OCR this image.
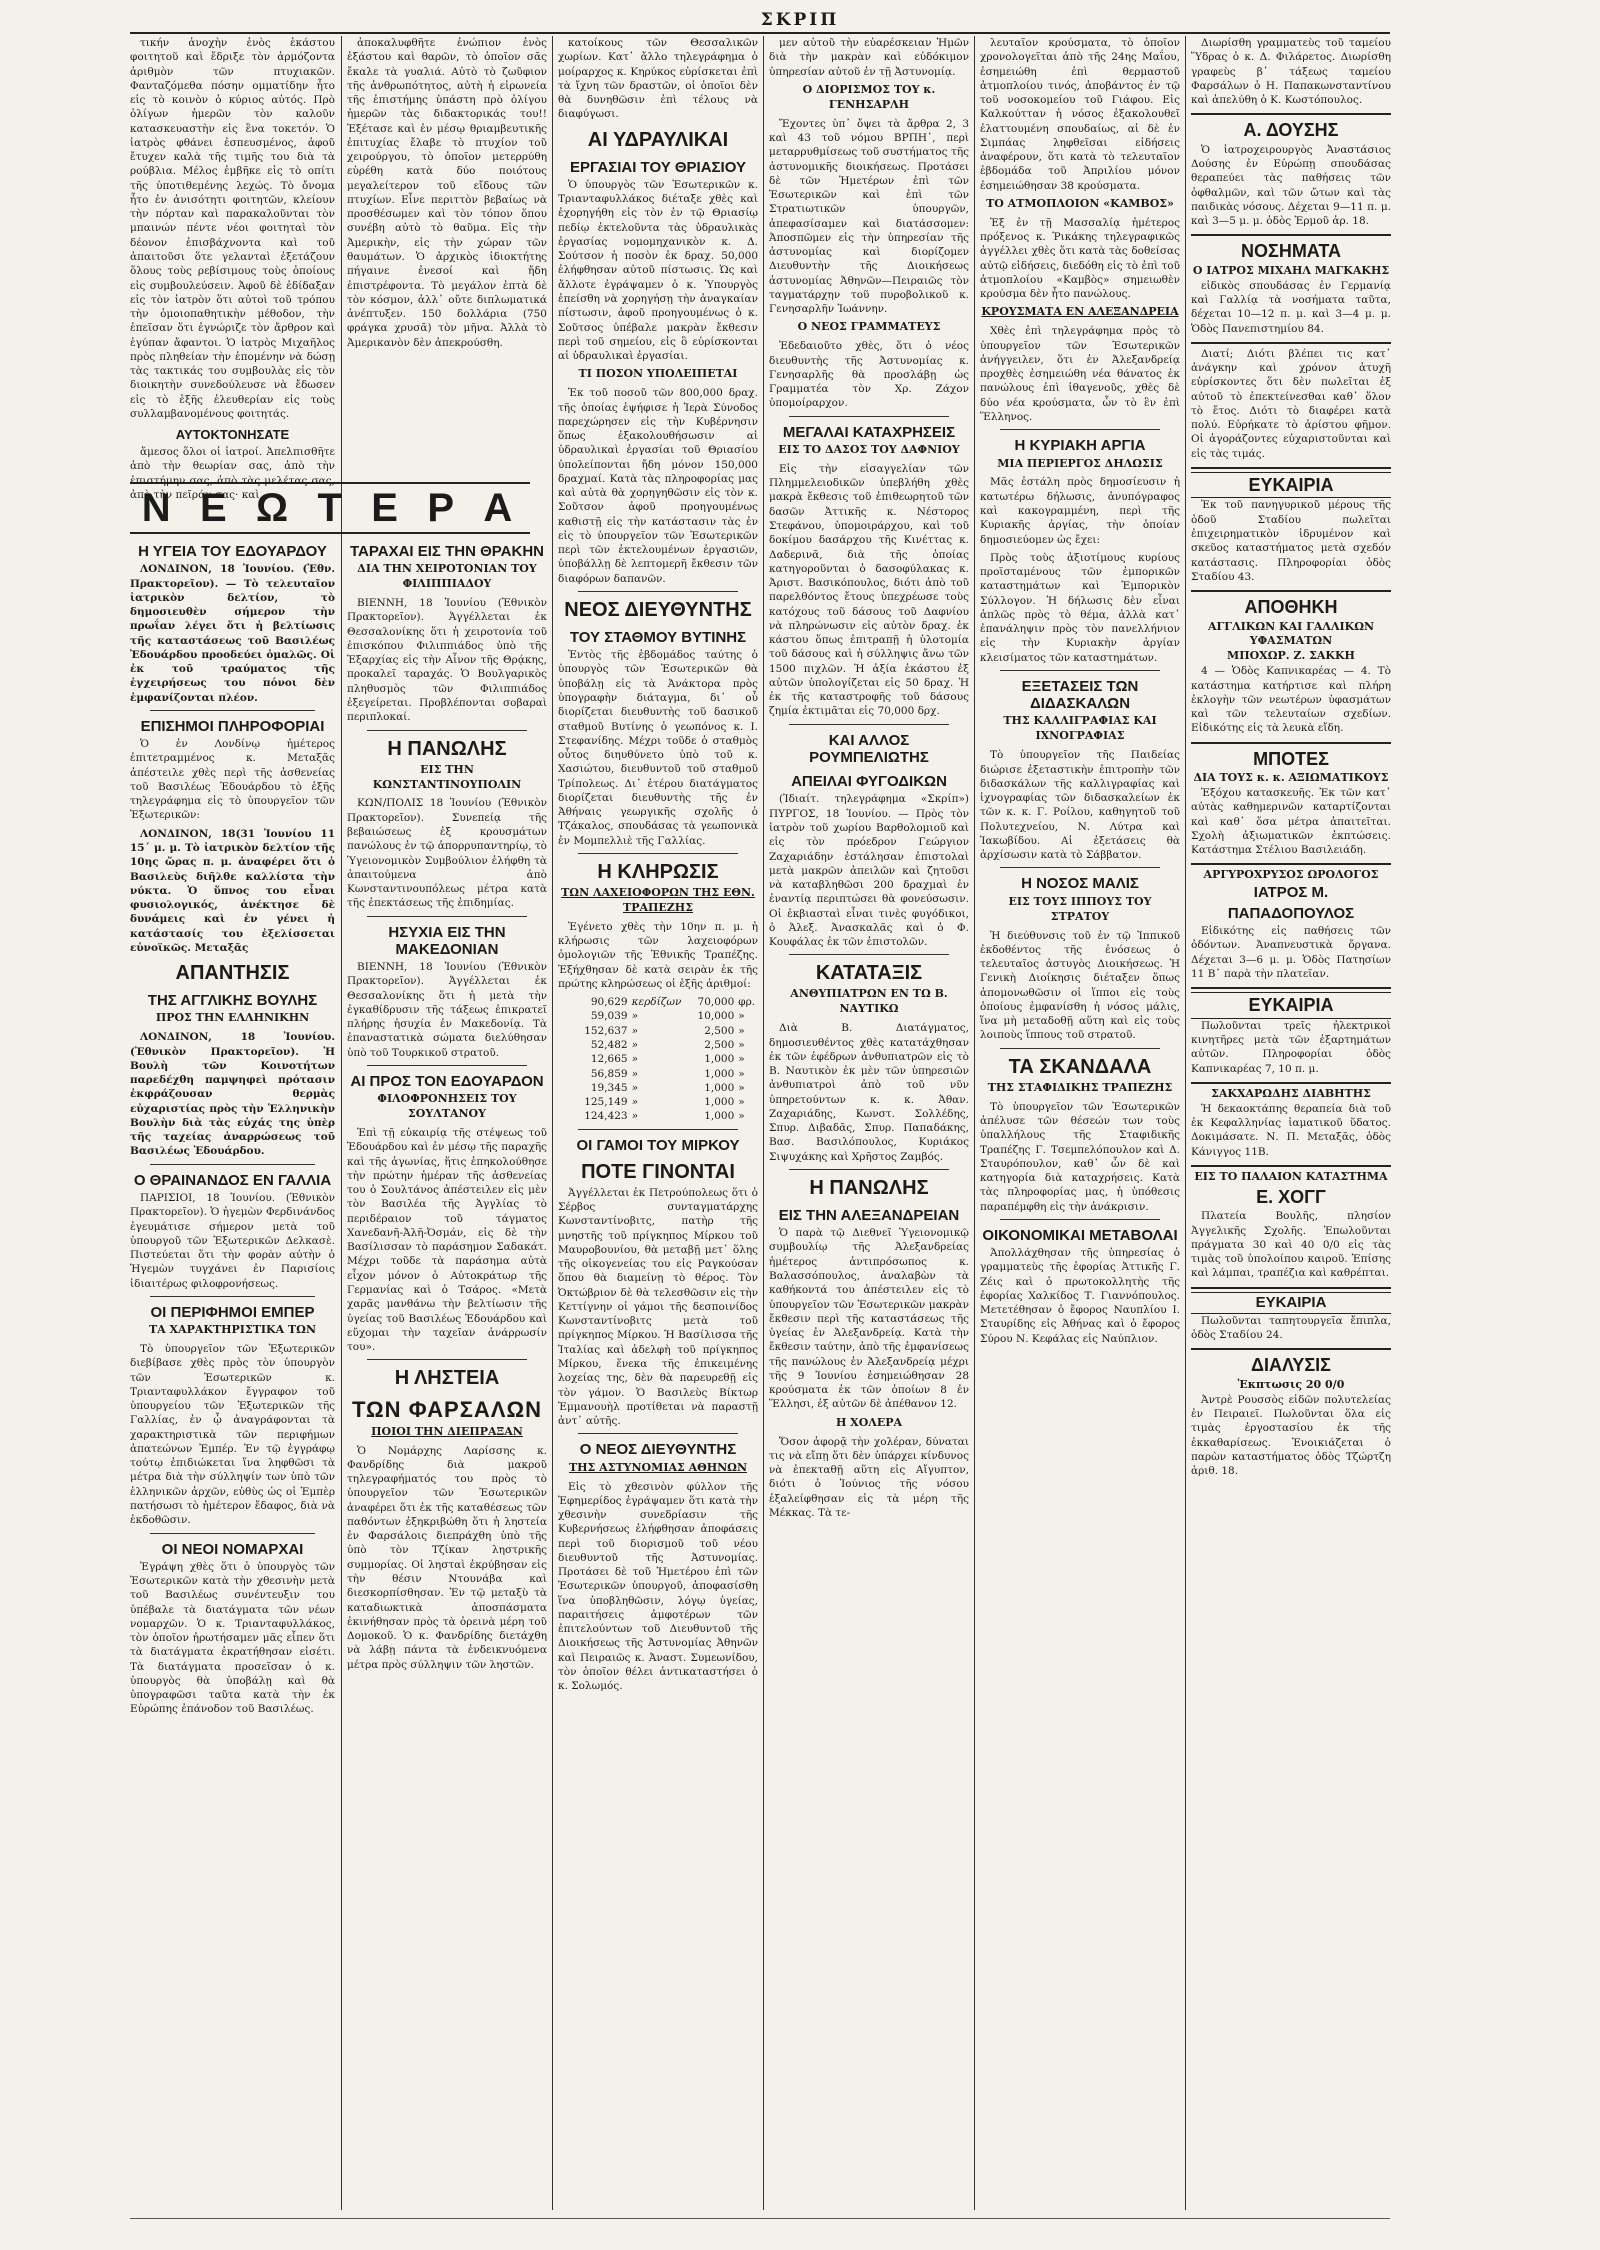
ΣΚΡΙΠ
Ν Ε Ω Τ Ε Ρ Α

τικήν ἀνοχὴν ἑνὸς ἑκάστου φοιτητοῦ καὶ ἔδριξε τὸν ἀρμόζοντα ἀριθμὸν τῶν πτυχιακῶν. Φανταζόμεθα πόσην ομματίδην ἦτο εἰς τὸ κοινὸν ὁ κύριος αὐτός. Πρὸ ὀλίγων ἡμερῶν τὸν καλοῦν κατασκευαστὴν εἰς ἓνα τοκετόν. Ὁ ἰατρὸς φθάνει ἐσπευσμένος, ἀφοῦ ἔτυχεν καλὰ τῆς τιμῆς του διὰ τὰ ρούβλια. Μέλος ἐμβῆκε εἰς τὸ οπίτι τῆς ὑποτιθεμένης λεχώς. Τὸ ὄνομα ἦτο ἐν ἀνισότητι φοιτητῶν, κλείουν τὴν πόρταν καὶ παρακαλοῦνται τὸν μπαινών πέντε νέοι φοιτηταὶ τὸν δέονον ἐπισβάχνοντα καὶ τοῦ ἀπαιτοῦσι ὅτε γελανταὶ ἐξετάζουν ὅλους τοὺς ρεβίσιμους τοὺς ὁποίους εἰς συμβουλεύσειν. Ἀφοῦ δὲ ἐδίδαξαν εἰς τὸν ἰατρὸν ὅτι αὐτοὶ τοῦ τρόπου τὴν ὁμοιοπαθητικὴν μέθοδον, τὴν ἐπεῖσαν ὅτι ἐγνώριζε τὸν ἄρθρον καὶ ἐγύπαν ἄφαντοι. Ὁ ἰατρὸς Μιχαῆλος πρὸς πληθείαν τὴν ἑπομένην νὰ δώσῃ τὰς τακτικάς του συμβουλὰς εἰς τὸν διοικητὴν συνεδούλευσε νὰ ἔδωσεν εἰς τὸ ἑξῆς ἐλευθερίαν εἰς τοὺς συλλαμβανομένους φοιτητάς.

ΑΥΤΟΚΤΟΝΗΣΑΤΕ

ἄμεσος ὅλοι οἱ ἰατροί. Ἀπελπισθῆτε ἀπὸ τὴν θεωρίαν σας, ἀπὸ τὴν ἐπιστήμην σας, ἀπὸ τὰς μελέτας σας, ἀπὸ τὴν πεῖράν σας· καὶ

Η ΥΓΕΙΑ ΤΟΥ ΕΔΟΥΑΡΔΟΥ

ΛΟΝΔΙΝΟΝ, 18 Ἰουνίου. (Ἐθν. Πρακτορεῖον). — Τὸ τελευταῖον ἰατρικὸν δελτίον, τὸ δημοσιευθὲν σήμερον τὴν πρωΐαν λέγει ὅτι ἡ βελτίωσις τῆς καταστάσεως τοῦ Βασιλέως Ἐδουάρδου προοδεύει ὁμαλῶς. Οἱ ἐκ τοῦ τραύματος τῆς ἐγχειρήσεως του πόνοι δὲν ἐμφανίζονται πλέον.

ΕΠΙΣΗΜΟΙ ΠΛΗΡΟΦΟΡΙΑΙ

Ὁ ἐν Λονδίνῳ ἡμέτερος ἐπιτετραμμένος κ. Μεταξᾶς ἀπέστειλε χθὲς περὶ τῆς ἀσθενείας τοῦ Βασιλέως Ἐδουάρδου τὸ ἑξῆς τηλεγράφημα εἰς τὸ ὑπουργεῖον τῶν Ἐξωτερικῶν:

ΛΟΝΔΙΝΟΝ, 18(31 Ἰουνίου 11 15΄ μ. μ. Τὸ ἰατρικὸν δελτίον τῆς 10ης ὥρας π. μ. ἀναφέρει ὅτι ὁ Βασιλεὺς διῆλθε καλλίστα τὴν νύκτα. Ὁ ὕπνος του εἶναι φυσιολογικός, ἀνέκτησε δὲ δυνάμεις καὶ ἐν γένει ἡ κατάστασίς του ἐξελίσσεται εὐνοϊκῶς. Μεταξᾶς

ΑΠΑΝΤΗΣΙΣ
ΤΗΣ ΑΓΓΛΙΚΗΣ ΒΟΥΛΗΣ
ΠΡΟΣ ΤΗΝ ΕΛΛΗΝΙΚΗΝ

ΛΟΝΔΙΝΟΝ, 18 Ἰουνίου. (Ἐθνικὸν Πρακτορεῖον). Ἡ Βουλὴ τῶν Κοινοτήτων παρεδέχθη παμψηφεὶ πρότασιν ἐκφράζουσαν θερμὰς εὐχαριστίας πρὸς τὴν Ἑλληνικὴν Βουλὴν διὰ τὰς εὐχάς της ὑπὲρ τῆς ταχείας ἀναρρώσεως τοῦ Βασιλέως Ἐδουάρδου.

Ο ΘΡΑΙΝΑΝΔΟΣ ΕΝ ΓΑΛΛΙΑ

ΠΑΡΙΣΙΟΙ, 18 Ἰουνίου. (Ἐθνικὸν Πρακτορεῖον). Ὁ ἡγεμὼν Φερδινάνδος ἐγευμάτισε σήμερον μετὰ τοῦ ὑπουργοῦ τῶν Ἐξωτερικῶν Δελκασὲ. Πιστεύεται ὅτι τὴν φορὰν αὐτὴν ὁ Ἡγεμὼν τυγχάνει ἐν Παρισίοις ἰδιαιτέρως φιλοφρονήσεως.

ΟΙ ΠΕΡΙΦΗΜΟΙ ΕΜΠΕΡ
ΤΑ ΧΑΡΑΚΤΗΡΙΣΤΙΚΑ ΤΩΝ

Τὸ ὑπουργεῖον τῶν Ἐξωτερικῶν διεβίβασε χθὲς πρὸς τὸν ὑπουργὸν τῶν Ἐσωτερικῶν κ. Τριανταφυλλάκον ἔγγραφον τοῦ ὑπουργείου τῶν Ἐξωτερικῶν τῆς Γαλλίας, ἐν ᾧ ἀναγράφονται τὰ χαρακτηριστικὰ τῶν περιφήμων ἀπατεώνων Ἐμπέρ. Ἐν τῷ ἐγγράφῳ τούτῳ ἐπιδιώκεται ἵνα ληφθῶσι τὰ μέτρα διὰ τὴν σύλληψίν των ὑπὸ τῶν ἑλληνικῶν ἀρχῶν, εὐθὺς ὡς οἱ Ἐμπὲρ πατήσωσι τὸ ἡμέτερον ἔδαφος, διὰ νὰ ἐκδοθῶσιν.

ΟΙ ΝΕΟΙ ΝΟΜΑΡΧΑΙ

Ἐγράψη χθὲς ὅτι ὁ ὑπουργὸς τῶν Ἐσωτερικῶν κατὰ τὴν χθεσινὴν μετὰ τοῦ Βασιλέως συνέντευξιν του ὑπέβαλε τὰ διατάγματα τῶν νέων νομαρχῶν. Ὁ κ. Τριανταφυλλάκος, τὸν ὁποῖον ἠρωτήσαμεν μᾶς εἶπεν ὅτι τὰ διατάγματα ἐκρατήθησαν εἰσέτι. Τὰ διατάγματα προσεῖσαν ὁ κ. ὑπουργὸς θὰ ὑποβάλῃ καὶ θὰ ὑπογραφῶσι ταῦτα κατὰ τὴν ἐκ Εὐρώπης ἐπάνοδον τοῦ Βασιλέως.

ἀποκαλυφθῆτε ἐνώπιον ἑνὸς ἑξάστου καὶ θαρῶν, τὸ ὁποῖον σᾶς ἔκαλε τὰ γυαλιά. Αὐτὸ τὸ ζωῦφιον τῆς ἀνθρωπότητος, αὐτὴ ἡ εἰρωνεία τῆς ἐπιστήμης ὑπάστη πρὸ ὀλίγου ἡμερῶν τὰς διδακτορικάς του!! Ἐξέτασε καὶ ἐν μέσῳ θριαμβευτικῆς ἐπιτυχίας ἔλαβε τὸ πτυχίον τοῦ χειρούργου, τὸ ὁποῖον μετερρύθη εὑρέθη κατὰ δύο ποιότους μεγαλείτερον τοῦ εἴδους τῶν πτυχίων. Εἶνε περιττὸν βεβαίως νὰ προσθέσωμεν καὶ τὸν τόπον ὅπου συνέβη αὐτὸ τὸ θαῦμα. Εἰς τὴν Ἀμερικὴν, εἰς τὴν χώραν τῶν θαυμάτων. Ὁ ἀρχικὸς ἰδιοκτήτης πήγαινε ἐνεσοί καὶ ἤδη ἐπιστρέφοντα. Τὸ μεγάλον ἑπτὰ δὲ τὸν κόσμον, ἀλλ᾽ οὔτε διπλωματικά ἀνέπτυξεν. 150 δολλάρια (750 φράγκα χρυσᾶ) τὸν μῆνα. Ἀλλὰ τὸ Ἀμερικανὸν δὲν ἀπεκρούσθη.

ΤΑΡΑΧΑΙ ΕΙΣ ΤΗΝ ΘΡΑΚΗΝ
ΔΙΑ ΤΗΝ ΧΕΙΡΟΤΟΝΙΑΝ ΤΟΥ ΦΙΛΙΠΠΙΑΔΟΥ

ΒΙΕΝΝΗ, 18 Ἰουνίου (Ἐθνικὸν Πρακτορεῖον). Ἀγγέλλεται ἐκ Θεσσαλονίκης ὅτι ἡ χειροτονία τοῦ ἐπισκόπου Φιλιππιάδος ὑπὸ τῆς Ἐξαρχίας εἰς τὴν Αἶνον τῆς Θρᾴκης, προκαλεῖ ταραχάς. Ὁ Βουλγαρικὸς πληθυσμὸς τῶν Φιλιππιάδος ἐξεγείρεται. Προβλέπονται σοβαραὶ περιπλοκαί.

Η ΠΑΝΩΛΗΣ
ΕΙΣ ΤΗΝ ΚΩΝΣΤΑΝΤΙΝΟΥΠΟΛΙΝ

ΚΩΝ/ΠΟΛΙΣ 18 Ἰουνίου (Ἐθνικὸν Πρακτορεῖον). Συνεπείᾳ τῆς βεβαιώσεως ἐξ κρουσμάτων πανώλους ἐν τῷ ἀπορρυπαντηρίῳ, τὸ Ὑγειονομικὸν Συμβούλιον ἐλήφθη τὰ ἀπαιτούμενα ἀπὸ Κωνσταντινουπόλεως μέτρα κατὰ τῆς ἐπεκτάσεως τῆς ἐπιδημίας.

ΗΣΥΧΙΑ ΕΙΣ ΤΗΝ ΜΑΚΕΔΟΝΙΑΝ

ΒΙΕΝΝΗ, 18 Ἰουνίου (Ἐθνικὸν Πρακτορεῖον). Ἀγγέλλεται ἐκ Θεσσαλονίκης ὅτι ἡ μετὰ τὴν ἐγκαθίδρυσιν τῆς τάξεως ἐπικρατεῖ πλήρης ἡσυχία ἐν Μακεδονίᾳ. Τὰ ἐπαναστατικὰ σώματα διελύθησαν ὑπὸ τοῦ Τουρκικοῦ στρατοῦ.

ΑΙ ΠΡΟΣ ΤΟΝ ΕΔΟΥΑΡΔΟΝ
ΦΙΛΟΦΡΟΝΗΣΕΙΣ ΤΟΥ ΣΟΥΛΤΑΝΟΥ

Ἐπὶ τῇ εὐκαιρίᾳ τῆς στέψεως τοῦ Ἐδουάρδου καὶ ἐν μέσῳ τῆς παραχῆς καὶ τῆς ἀγωνίας, ἥτις ἐπηκολούθησε τὴν πρώτην ἡμέραν τῆς ἀσθενείας του ὁ Σουλτάνος ἀπέστειλεν εἰς μὲν τὸν Βασιλέα τῆς Ἀγγλίας τὸ περιδέραιον τοῦ τάγματος Χανεδανῆ-Ἀλῆ-Ὀσμάν, εἰς δὲ τὴν Βασίλισσαν τὸ παράσημον Σαδακάτ. Μέχρι τοῦδε τὰ παράσημα αὐτὰ εἶχον μόνον ὁ Αὐτοκράτωρ τῆς Γερμανίας καὶ ὁ Τσάρος. «Μετὰ χαρᾶς μανθάνω τὴν βελτίωσιν τῆς ὑγείας τοῦ Βασιλέως Ἐδουάρδου καὶ εὔχομαι τὴν ταχεῖαν ἀνάρρωσίν του».

Η ΛΗΣΤΕΙΑ
ΤΩΝ ΦΑΡΣΑΛΩΝ
ΠΟΙΟΙ ΤΗΝ ΔΙΕΠΡΑΞΑΝ

Ὁ Νομάρχης Λαρίσσης κ. Φανδρίδης διὰ μακροῦ τηλεγραφήματός του πρὸς τὸ ὑπουργεῖον τῶν Ἐσωτερικῶν ἀναφέρει ὅτι ἐκ τῆς καταθέσεως τῶν παθόντων ἐξηκριβώθη ὅτι ἡ ληστεία ἐν Φαρσάλοις διεπράχθη ὑπὸ τῆς ὑπὸ τὸν Τζίκαν ληστρικῆς συμμορίας. Οἱ λησταὶ ἐκρύβησαν εἰς τὴν θέσιν Ντουνάβα καὶ διεσκορπίσθησαν. Ἐν τῷ μεταξὺ τὰ καταδιωκτικὰ ἀποσπάσματα ἐκινήθησαν πρὸς τὰ ὀρεινὰ μέρη τοῦ Δομοκοῦ. Ὁ κ. Φανδρίδης διετάχθη νὰ λάβῃ πάντα τὰ ἐνδεικνυόμενα μέτρα πρὸς σύλληψιν τῶν ληστῶν.

κατοίκους τῶν Θεσσαλικῶν χωρίων. Κατ᾽ ἄλλο τηλεγράφημα ὁ μοίραρχος κ. Κηρύκος εὑρίσκεται ἐπὶ τὰ ἴχνη τῶν δραστῶν, οἱ ὁποῖοι δὲν θὰ δυνηθῶσιν ἐπὶ τέλους νὰ διαφύγωσι.

ΑΙ ΥΔΡΑΥΛΙΚΑΙ
ΕΡΓΑΣΙΑΙ ΤΟΥ ΘΡΙΑΣΙΟΥ

Ὁ ὑπουργὸς τῶν Ἐσωτερικῶν κ. Τριανταφυλλάκος διέταξε χθὲς καὶ ἐχορηγήθη εἰς τὸν ἐν τῷ Θριασίῳ πεδίῳ ἐκτελοῦντα τὰς ὑδραυλικὰς ἐργασίας νομομηχανικὸν κ. Δ. Σούτσον ἡ ποσὸν ἐκ δραχ. 50,000 ἐλήφθησαν αὐτοῦ πίστωσις. Ὡς καὶ ἄλλοτε ἐγράψαμεν ὁ κ. Ὑπουργὸς ἐπείσθη νὰ χορηγήσῃ τὴν ἀναγκαίαν πίστωσιν, ἀφοῦ προηγουμένως ὁ κ. Σοῦτσος ὑπέβαλε μακρὰν ἔκθεσιν περὶ τοῦ σημείου, εἰς ὃ εὑρίσκονται αἱ ὑδραυλικαὶ ἐργασίαι.

ΤΙ ΠΟΣΟΝ ΥΠΟΛΕΙΠΕΤΑΙ

Ἐκ τοῦ ποσοῦ τῶν 800,000 δραχ. τῆς ὁποίας ἐψήφισε ἡ Ἱερὰ Σύνοδος παρεχώρησεν εἰς τὴν Κυβέρνησιν ὅπως ἐξακολουθήσωσιν αἱ ὑδραυλικαὶ ἐργασίαι τοῦ Θριασίου ὑπολείπονται ἤδη μόνον 150,000 δραχμαί. Κατὰ τὰς πληροφορίας μας καὶ αὐτὰ θὰ χορηγηθῶσιν εἰς τὸν κ. Σοῦτσον ἀφοῦ προηγουμένως καθιστῇ εἰς τὴν κατάστασιν τὰς ἐν εἰς τὸ ὑπουργεῖον τῶν Ἐσωτερικῶν περὶ τῶν ἐκτελουμένων ἐργασιῶν, ὑποβάλλῃ δὲ λεπτομερῆ ἔκθεσιν τῶν διαφόρων δαπανῶν.

ΝΕΟΣ ΔΙΕΥΘΥΝΤΗΣ
ΤΟΥ ΣΤΑΘΜΟΥ ΒΥΤΙΝΗΣ

Ἐντὸς τῆς ἑβδομάδος ταύτης ὁ ὑπουργὸς τῶν Ἐσωτερικῶν θὰ ὑποβάλῃ εἰς τὰ Ἀνάκτορα πρὸς ὑπογραφὴν διάταγμα, δι᾽ οὗ διορίζεται διευθυντὴς τοῦ δασικοῦ σταθμοῦ Βυτίνης ὁ γεωπόνος κ. Ι. Στεφανίδης. Μέχρι τοῦδε ὁ σταθμὸς οὗτος διηυθύνετο ὑπὸ τοῦ κ. Χασιώτου, διευθυντοῦ τοῦ σταθμοῦ Τρίπολεως. Δι᾽ ἑτέρου διατάγματος διορίζεται διευθυντὴς τῆς ἐν Ἀθήναις γεωργικῆς σχολῆς ὁ Τζάκαλος, σπουδάσας τὰ γεωπονικὰ ἐν Μομπελλιὲ τῆς Γαλλίας.

Η ΚΛΗΡΩΣΙΣ
ΤΩΝ ΛΑΧΕΙΟΦΟΡΩΝ ΤΗΣ ΕΘΝ. ΤΡΑΠΕΖΗΣ

Ἐγένετο χθὲς τὴν 10ην π. μ. ἡ κλήρωσις τῶν λαχειοφόρων ὁμολογιῶν τῆς Ἐθνικῆς Τραπέζης. Ἐξήχθησαν δὲ κατὰ σειρὰν ἐκ τῆς πρώτης κληρώσεως οἱ ἑξῆς ἀριθμοί:

90,629	κερδίζων	70,000	φρ.
59,039	»	10,000	»
152,637	»	2,500	»
52,482	»	2,500	»
12,665	»	1,000	»
56,859	»	1,000	»
19,345	»	1,000	»
125,149	»	1,000	»
124,423	»	1,000	»
ΟΙ ΓΑΜΟΙ ΤΟΥ ΜΙΡΚΟΥ
ΠΟΤΕ ΓΙΝΟΝΤΑΙ

Ἀγγέλλεται ἐκ Πετρούπολεως ὅτι ὁ Σέρβος συνταγματάρχης Κωνσταντίνοβιτς, πατὴρ τῆς μνηστῆς τοῦ πρίγκηπος Μίρκου τοῦ Μαυροβουνίου, θὰ μεταβῇ μετ᾽ ὅλης τῆς οἰκογενείας του εἰς Ραγκούσαν ὅπου θὰ διαμείνῃ τὸ θέρος. Τὸν Ὀκτώβριον δὲ θὰ τελεσθῶσιν εἰς τὴν Κεττίγνην οἱ γάμοι τῆς δεσποινίδος Κωνσταντίνοβιτς μετὰ τοῦ πρίγκηπος Μίρκου. Ἡ Βασίλισσα τῆς Ἰταλίας καὶ ἀδελφὴ τοῦ πρίγκηπος Μίρκου, ἕνεκα τῆς ἐπικειμένης λοχείας της, δὲν θὰ παρευρεθῇ εἰς τὸν γάμον. Ὁ Βασιλεὺς Βίκτωρ Ἐμμανουὴλ προτίθεται νὰ παραστῇ ἀντ᾽ αὐτῆς.

Ο ΝΕΟΣ ΔΙΕΥΘΥΝΤΗΣ
ΤΗΣ ΑΣΤΥΝΟΜΙΑΣ ΑΘΗΝΩΝ

Εἰς τὸ χθεσινὸν φύλλον τῆς Ἐφημερίδος ἐγράψαμεν ὅτι κατὰ τὴν χθεσινὴν συνεδρίασιν τῆς Κυβερνήσεως ἐλήφθησαν ἀποφάσεις περὶ τοῦ διορισμοῦ τοῦ νέου διευθυντοῦ τῆς Ἀστυνομίας. Προτάσει δὲ τοῦ Ἡμετέρου ἐπὶ τῶν Ἐσωτερικῶν ὑπουργοῦ, ἀποφασίσθη ἵνα ὑποβληθῶσιν, λόγῳ ὑγείας, παραιτήσεις ἀμφοτέρων τῶν ἐπιτελούντων τοῦ Διευθυντοῦ τῆς Διοικήσεως τῆς Ἀστυνομίας Ἀθηνῶν καὶ Πειραιῶς κ. Ἀναστ. Συμεωνίδου, τὸν ὁποῖον θέλει ἀντικαταστήσει ὁ κ. Σολωμός.

μεν αὐτοῦ τὴν εὐαρέσκειαν Ἡμῶν διὰ τὴν μακρὰν καὶ εὐδόκιμον ὑπηρεσίαν αὐτοῦ ἐν τῇ Ἀστυνομίᾳ.

Ο ΔΙΟΡΙΣΜΟΣ ΤΟΥ κ. ΓΕΝΗΣΑΡΛΗ

Ἔχοντες ὑπ᾽ ὄψει τὰ ἄρθρα 2, 3 καὶ 43 τοῦ νόμου ΒΡΠΗ᾽, περὶ μεταρρυθμίσεως τοῦ συστήματος τῆς ἀστυνομικῆς διοικήσεως. Προτάσει δὲ τῶν Ἡμετέρων ἐπὶ τῶν Ἐσωτερικῶν καὶ ἐπὶ τῶν Στρατιωτικῶν ὑπουργῶν, ἀπεφασίσαμεν καὶ διατάσσομεν: Ἀποσπῶμεν εἰς τὴν ὑπηρεσίαν τῆς ἀστυνομίας καὶ διορίζομεν Διευθυντὴν τῆς Διοικήσεως ἀστυνομίας Ἀθηνῶν—Πειραιῶς τὸν ταγματάρχην τοῦ πυροβολικοῦ κ. Γενησαρλῆν Ἰωάννην.

Ο ΝΕΟΣ ΓΡΑΜΜΑΤΕΥΣ

Ἐδεδαιοῦτο χθὲς, ὅτι ὁ νέος διευθυντὴς τῆς Ἀστυνομίας κ. Γενησαρλῆς θὰ προσλάβῃ ὡς Γραμματέα τὸν Χρ. Ζάχον ὑπομοίραρχον.

ΜΕΓΑΛΑΙ ΚΑΤΑΧΡΗΣΕΙΣ
ΕΙΣ ΤΟ ΔΑΣΟΣ ΤΟΥ ΔΑΦΝΙΟΥ

Εἰς τὴν εἰσαγγελίαν τῶν Πλημμελειοδικῶν ὑπεβλήθη χθὲς μακρὰ ἔκθεσις τοῦ ἐπιθεωρητοῦ τῶν δασῶν Ἀττικῆς κ. Νέστορος Στεφάνου, ὑπομοιράρχου, καὶ τοῦ δοκίμου δασάρχου τῆς Κινέττας κ. Δαδερινᾶ, διὰ τῆς ὁποίας κατηγοροῦνται ὁ δασοφύλακας κ. Ἀριστ. Βασικόπουλος, διότι ἀπὸ τοῦ παρελθόντος ἔτους ὑπεχρέωσε τοὺς κατόχους τοῦ δάσους τοῦ Δαφνίου νὰ πληρώνωσιν εἰς αὐτὸν δραχ. ἐκ κάστου ὅπως ἐπιτραπῇ ἡ ὑλοτομία τοῦ δάσους καὶ ἡ σύλληψις ἄνω τῶν 1500 πιχλῶν. Ἡ ἀξία ἑκάστου ἐξ αὐτῶν ὑπολογίζεται εἰς 50 δραχ. Ἡ ἐκ τῆς καταστροφῆς τοῦ δάσους ζημία ἐκτιμᾶται εἰς 70,000 δρχ.

ΚΑΙ ΑΛΛΟΣ ΡΟΥΜΠΕΛΙΩΤΗΣ
ΑΠΕΙΛΑΙ ΦΥΓΟΔΙΚΩΝ

(Ἰδιαίτ. τηλεγράφημα «Σκρίπ») ΠΥΡΓΟΣ, 18 Ἰουνίου. — Πρὸς τὸν ἰατρὸν τοῦ χωρίου Βαρθολομιοῦ καὶ εἰς τὸν πρόεδρον Γεώργιον Ζαχαριάδην ἐστάλησαν ἐπιστολαὶ μετὰ μακρῶν ἀπειλῶν καὶ ζητοῦσι νὰ καταβληθῶσι 200 δραχμαὶ ἐν ἐναντίᾳ περιπτώσει θὰ φονεύσωσιν. Οἱ ἐκβιασταὶ εἶναι τινὲς φυγόδικοι, ὁ Ἀλεξ. Ἀνασκαλᾶς καὶ ὁ Φ. Κουφάλας ἐκ τῶν ἐπιστολῶν.

ΚΑΤΑΤΑΞΙΣ
ΑΝΘΥΠΙΑΤΡΩΝ ΕΝ ΤΩ Β. ΝΑΥΤΙΚΩ

Διὰ Β. Διατάγματος, δημοσιευθέντος χθὲς κατατάχθησαν ἐκ τῶν ἐφέδρων ἀνθυπιατρῶν εἰς τὸ Β. Ναυτικὸν ἐκ μὲν τῶν ὑπηρεσιῶν ἀνθυπιατροὶ ἀπὸ τοῦ νῦν ὑπηρετούντων κ. κ. Ἀθαν. Ζαχαριάδης, Κωνστ. Σολλέδης, Σπυρ. Διβαδᾶς, Σπυρ. Παπαδάκης, Βασ. Βασιλόπουλος, Κυριάκος Σιψυχάκης καὶ Χρῆστος Ζαμβός.

Η ΠΑΝΩΛΗΣ
ΕΙΣ ΤΗΝ ΑΛΕΞΑΝΔΡΕΙΑΝ

Ὁ παρὰ τῷ Διεθνεῖ Ὑγειονομικῷ συμβουλίῳ τῆς Ἀλεξανδρείας ἡμέτερος ἀντιπρόσωπος κ. Βαλασσόπουλος, ἀναλαβὼν τὰ καθήκοντά του ἀπέστειλεν εἰς τὸ ὑπουργεῖον τῶν Ἐσωτερικῶν μακρὰν ἔκθεσιν περὶ τῆς καταστάσεως τῆς ὑγείας ἐν Ἀλεξανδρείᾳ. Κατὰ τὴν ἔκθεσιν ταύτην, ἀπὸ τῆς ἐμφανίσεως τῆς πανώλους ἐν Ἀλεξανδρείᾳ μέχρι τῆς 9 Ἰουνίου ἐσημειώθησαν 28 κρούσματα ἐκ τῶν ὁποίων 8 ἐν Ἕλλησι, ἐξ αὐτῶν δὲ ἀπέθανον 12.

Η ΧΟΛΕΡΑ

Ὅσον ἀφορᾷ τὴν χολέραν, δύναται τις νὰ εἴπῃ ὅτι δὲν ὑπάρχει κίνδυνος νὰ ἐπεκταθῇ αὕτη εἰς Αἴγυπτον, διότι ὁ Ἰούνιος τῆς νόσου ἐξαλείφθησαν εἰς τὰ μέρη τῆς Μέκκας. Τὰ τε-

λευταῖον κρούσματα, τὸ ὁποῖον χρονολογεῖται ἀπὸ τῆς 24ης Μαΐου, ἐσημειώθη ἐπὶ θερμαστοῦ ἀτμοπλοίου τινός, ἀποβάντος ἐν τῷ τοῦ νοσοκομείου τοῦ Γιάφου. Εἰς Καλκούτταν ἡ νόσος ἐξακολουθεῖ ἐλαττουμένη σπουδαίως, αἱ δὲ ἐν Σιμπάας ληφθεῖσαι εἰδήσεις ἀναφέρουν, ὅτι κατὰ τὸ τελευταῖον ἑβδομάδα τοῦ Ἀπριλίου μόνον ἐσημειώθησαν 38 κρούσματα.

ΤΟ ΑΤΜΟΠΛΟΙΟΝ «ΚΑΜΒΟΣ»

Ἐξ ἐν τῇ Μασσαλίᾳ ἡμέτερος πρόξενος κ. Ῥικάκης τηλεγραφικῶς ἀγγέλλει χθὲς ὅτι κατὰ τὰς δοθείσας αὐτῷ εἰδήσεις, διεδόθη εἰς τὸ ἐπὶ τοῦ ἀτμοπλοίου «Καμβὸς» σημειωθὲν κρούσμα δὲν ἦτο πανώλους.

ΚΡΟΥΣΜΑΤΑ ΕΝ ΑΛΕΞΑΝΔΡΕΙΑ

Χθὲς ἐπὶ τηλεγράφημα πρὸς τὸ ὑπουργεῖον τῶν Ἐσωτερικῶν ἀνήγγειλεν, ὅτι ἐν Ἀλεξανδρείᾳ προχθὲς ἐσημειώθη νέα θάνατος ἐκ πανώλους ἐπὶ ἰθαγενοῦς, χθὲς δὲ δύο νέα κρούσματα, ὧν τὸ ἓν ἐπὶ Ἕλληνος.

Η ΚΥΡΙΑΚΗ ΑΡΓΙΑ
ΜΙΑ ΠΕΡΙΕΡΓΟΣ ΔΗΛΩΣΙΣ

Μᾶς ἐστάλη πρὸς δημοσίευσιν ἡ κατωτέρω δήλωσις, ἀνυπόγραφος καὶ κακογραμμένη, περὶ τῆς Κυριακῆς ἀργίας, τὴν ὁποίαν δημοσιεύομεν ὡς ἔχει:

Πρὸς τοὺς ἀξιοτίμους κυρίους προϊσταμένους τῶν ἐμπορικῶν καταστημάτων καὶ Ἐμπορικὸν Σύλλογον. Ἡ δήλωσις δὲν εἶναι ἁπλῶς πρὸς τὸ θέμα, ἀλλὰ κατ᾽ ἐπανάληψιν πρὸς τὸν πανελλήνιον εἰς τὴν Κυριακὴν ἀργίαν κλεισίματος τῶν καταστημάτων.

ΕΞΕΤΑΣΕΙΣ ΤΩΝ ΔΙΔΑΣΚΑΛΩΝ
ΤΗΣ ΚΑΛΛΙΓΡΑΦΙΑΣ ΚΑΙ ΙΧΝΟΓΡΑΦΙΑΣ

Τὸ ὑπουργεῖον τῆς Παιδείας διώρισε ἐξεταστικὴν ἐπιτροπὴν τῶν διδασκάλων τῆς καλλιγραφίας καὶ ἰχνογραφίας τῶν διδασκαλείων ἐκ τῶν κ. κ. Γ. Ροίλου, καθηγητοῦ τοῦ Πολυτεχνείου, Ν. Λύτρα καὶ Ἰακωβίδου. Αἱ ἐξετάσεις θὰ ἀρχίσωσιν κατὰ τὸ Σάββατον.

Η ΝΟΣΟΣ ΜΑΛΙΣ
ΕΙΣ ΤΟΥΣ ΙΠΠΟΥΣ ΤΟΥ ΣΤΡΑΤΟΥ

Ἡ διεύθυνσις τοῦ ἐν τῷ Ἱππικοῦ ἐκδοθέντος τῆς ἐνόσεως ὁ τελευταῖος ἀστυγὸς Διοικήσεως. Ἡ Γενικὴ Διοίκησις διέταξεν ὅπως ἀπομονωθῶσιν οἱ ἵπποι εἰς τοὺς ὁποίους ἐμφανίσθη ἡ νόσος μάλις, ἵνα μὴ μεταδοθῇ αὕτη καὶ εἰς τοὺς λοιποὺς ἵππους τοῦ στρατοῦ.

ΤΑ ΣΚΑΝΔΑΛΑ
ΤΗΣ ΣΤΑΦΙΔΙΚΗΣ ΤΡΑΠΕΖΗΣ

Τὸ ὑπουργεῖον τῶν Ἐσωτερικῶν ἀπέλυσε τῶν θέσεών των τοὺς ὑπαλλήλους τῆς Σταφιδικῆς Τραπέζης Γ. Τσεμπελόπουλον καὶ Δ. Σταυρόπουλον, καθ᾽ ὧν δὲ καὶ κατηγορία διὰ καταχρήσεις. Κατὰ τὰς πληροφορίας μας, ἡ ὑπόθεσις παραπέμφθη εἰς τὴν ἀνάκρισιν.

ΟΙΚΟΝΟΜΙΚΑΙ ΜΕΤΑΒΟΛΑΙ

Ἀπολλάχθησαν τῆς ὑπηρεσίας ὁ γραμματεὺς τῆς ἐφορίας Ἀττικῆς Γ. Ζέις καὶ ὁ πρωτοκολλητὴς τῆς ἐφορίας Χαλκίδος Τ. Γιαννόπουλος. Μετετέθησαν ὁ ἔφορος Ναυπλίου Ι. Σταυρίδης εἰς Ἀθήνας καὶ ὁ ἔφορος Σύρου Ν. Κεφάλας εἰς Ναύπλιον.

Διωρίσθη γραμματεὺς τοῦ ταμείου Ὕδρας ὁ κ. Δ. Φιλάρετος. Διωρίσθη γραφεὺς β᾽ τάξεως ταμείου Φαρσάλων ὁ Η. Παπακωνσταντίνου καὶ ἀπελύθη ὁ Κ. Κωστόπουλος.

Α. ΔΟΥΣΗΣ

Ὁ ἰατροχειρουργὸς Ἀναστάσιος Δούσης ἐν Εὐρώπῃ σπουδάσας θεραπεύει τὰς παθήσεις τῶν ὀφθαλμῶν, καὶ τῶν ὤτων καὶ τὰς παιδικὰς νόσους. Δέχεται 9—11 π. μ. καὶ 3—5 μ. μ. ὁδὸς Ἑρμοῦ ἀρ. 18.

ΝΟΣΗΜΑΤΑ
Ο ΙΑΤΡΟΣ ΜΙΧΑΗΛ ΜΑΓΚΑΚΗΣ

εἰδικὸς σπουδάσας ἐν Γερμανίᾳ καὶ Γαλλίᾳ τὰ νοσήματα ταῦτα, δέχεται 10—12 π. μ. καὶ 3—4 μ. μ. Ὁδὸς Πανεπιστημίου 84.

Διατί; Διότι βλέπει τις κατ᾽ ἀνάγκην καὶ χρόνον ἀτυχῆ εὑρίσκοντες ὅτι δὲν πωλεῖται ἐξ αὐτοῦ τὸ ἐπεκτείνεσθαι καθ᾽ ὅλον τὸ ἔτος. Διότι τὸ διαφέρει κατὰ πολύ. Εὐρήκατε τὸ ἀρίστου φῆμον. Οἱ ἀγοράζοντες εὐχαριστοῦνται καὶ εἰς τὰς τιμάς.

ΕΥΚΑΙΡΙΑ

Ἐκ τοῦ πανηγυρικοῦ μέρους τῆς ὁδοῦ Σταδίου πωλεῖται ἐπιχειρηματικὸν ἱδρυμένον καὶ σκεῦος καταστήματος μετὰ σχεδόν κατάστασις. Πληροφορίαι ὁδὸς Σταδίου 43.

ΑΠΟΘΗΚΗ
ΑΓΓΛΙΚΩΝ ΚΑΙ ΓΑΛΛΙΚΩΝ ΥΦΑΣΜΑΤΩΝ
ΜΠΟΧΩΡ. Ζ. ΣΑΚΚΗ

4 — Ὁδὸς Καπνικαρέας — 4. Τὸ κατάστημα κατήρτισε καὶ πλήρη ἐκλογὴν τῶν νεωτέρων ὑφασμάτων καὶ τῶν τελευταίων σχεδίων. Εἰδικότης εἰς τὰ λευκὰ εἴδη.

ΜΠΟΤΕΣ
ΔΙΑ ΤΟΥΣ κ. κ. ΑΞΙΩΜΑΤΙΚΟΥΣ

Ἐξόχου κατασκευῆς. Ἐκ τῶν κατ᾽ αὐτὰς καθημερινῶν καταρτίζονται καὶ καθ᾽ ὅσα μέτρα ἀπαιτεῖται. Σχολὴ ἀξιωματικῶν ἐκπτώσεις. Κατάστημα Στέλιου Βασιλειάδη.

ΑΡΓΥΡΟΧΡΥΣΟΣ ΩΡΟΛΟΓΟΣ
ΙΑΤΡΟΣ Μ. ΠΑΠΑΔΟΠΟΥΛΟΣ

Εἰδικότης εἰς παθήσεις τῶν ὀδόντων. Ἀναπνευστικὰ ὄργανα. Δέχεται 3—6 μ. μ. Ὁδὸς Πατησίων 11 Β᾽ παρὰ τὴν πλατεῖαν.

ΕΥΚΑΙΡΙΑ

Πωλοῦνται τρεῖς ἠλεκτρικοὶ κινητῆρες μετὰ τῶν ἐξαρτημάτων αὐτῶν. Πληροφορίαι ὁδὸς Καπνικαρέας 7, 10 π. μ.

ΣΑΚΧΑΡΩΔΗΣ ΔΙΑΒΗΤΗΣ

Ἡ δεκαοκτάπης θεραπεία διὰ τοῦ ἐκ Κεφαλληνίας ἰαματικοῦ ὕδατος. Δοκιμάσατε. Ν. Π. Μεταξᾶς, ὁδὸς Κάνιγγος 11Β.

ΕΙΣ ΤΟ ΠΑΛΑΙΟΝ ΚΑΤΑΣΤΗΜΑ
Ε. ΧΟΓΓ

Πλατεία Βουλῆς, πλησίον Ἀγγελικῆς Σχολῆς. Ἐπωλοῦνται πράγματα 30 καὶ 40 0/0 εἰς τὰς τιμὰς τοῦ ὑπολοίπου καιροῦ. Ἐπίσης καὶ λάμπαι, τραπέζια καὶ καθρέπται.

ΕΥΚΑΙΡΙΑ

Πωλοῦνται ταπητουργεῖα ἔπιπλα, ὁδὸς Σταδίου 24.

ΔΙΑΛΥΣΙΣ
Ἐκπτωσις 20 0/0

Ἀντρὲ Ρουσσὸς εἰδῶν πολυτελείας ἐν Πειραιεῖ. Πωλοῦνται ὅλα εἰς τιμὰς ἐργοστασίου ἐκ τῆς ἐκκαθαρίσεως. Ἐνοικιάζεται ὁ παρὼν καταστήματος ὁδὸς Τζώρτζη ἀριθ. 18.
